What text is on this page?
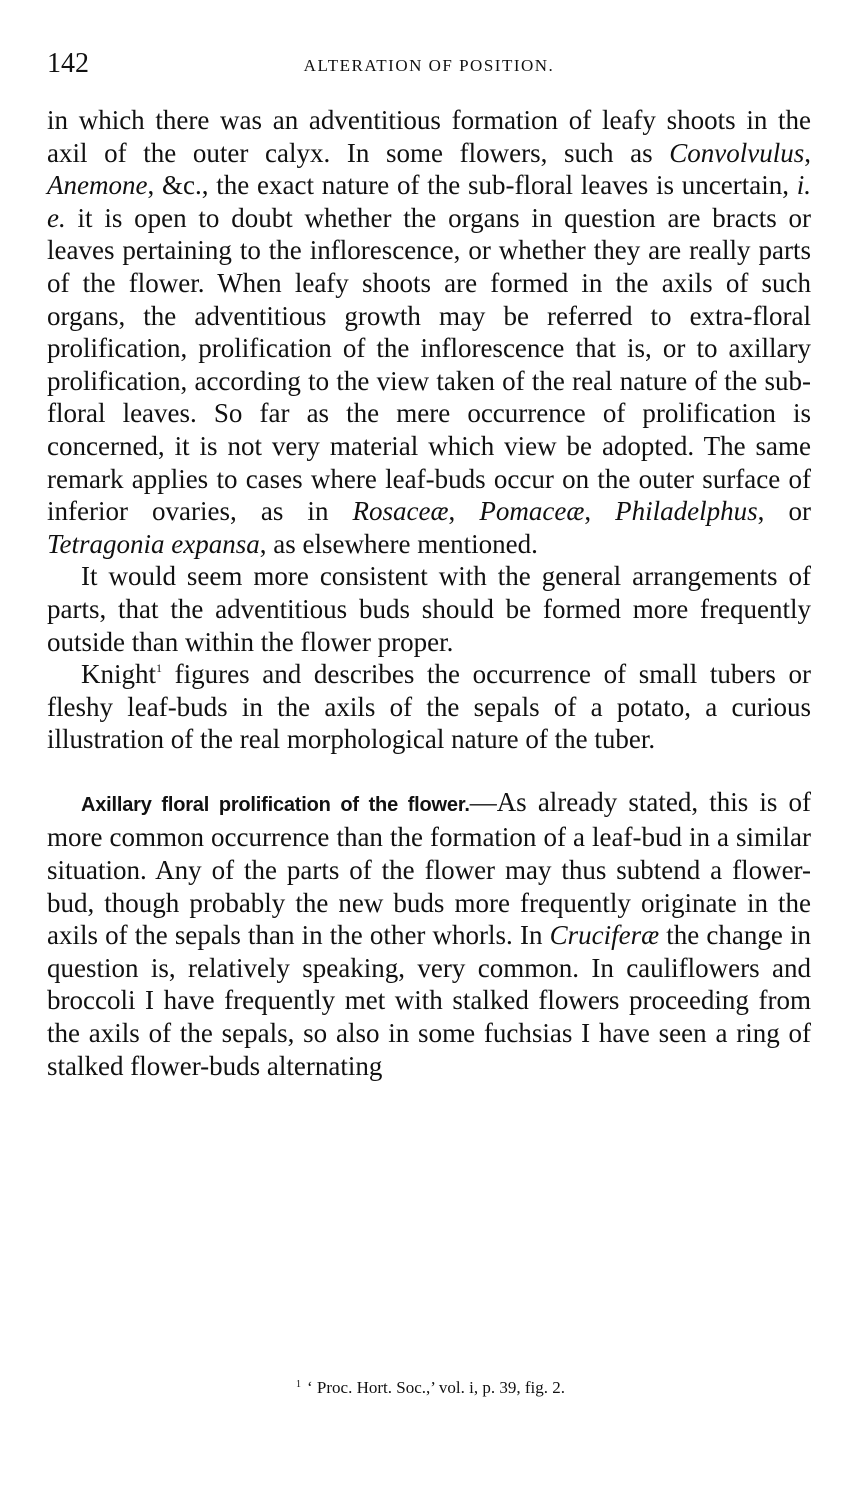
142	ALTERATION OF POSITION.

in which there was an adventitious formation of leafy shoots in the axil of the outer calyx. In some flowers, such as Convolvulus, Anemone, &c., the exact nature of the sub-floral leaves is uncertain, i. e. it is open to doubt whether the organs in question are bracts or leaves pertaining to the inflorescence, or whether they are really parts of the flower. When leafy shoots are formed in the axils of such organs, the adventitious growth may be referred to extra-floral prolification, prolification of the inflorescence that is, or to axillary prolification, according to the view taken of the real nature of the sub-floral leaves. So far as the mere occurrence of prolification is concerned, it is not very material which view be adopted. The same remark applies to cases where leaf-buds occur on the outer surface of inferior ovaries, as in Rosaceæ, Pomaceæ, Philadelphus, or Tetragonia expansa, as elsewhere mentioned.

It would seem more consistent with the general arrangements of parts, that the adventitious buds should be formed more frequently outside than within the flower proper.

Knight$^1$ figures and describes the occurrence of small tubers or fleshy leaf-buds in the axils of the sepals of a potato, a curious illustration of the real morphological nature of the tuber.

Axillary floral prolification of the flower.—As already stated, this is of more common occurrence than the formation of a leaf-bud in a similar situation. Any of the parts of the flower may thus subtend a flower-bud, though probably the new buds more frequently originate in the axils of the sepals than in the other whorls. In Cruciferæ the change in question is, relatively speaking, very common. In cauliflowers and broccoli I have frequently met with stalked flowers proceeding from the axils of the sepals, so also in some fuchsias I have seen a ring of stalked flower-buds alternating

$^1$ ‘ Proc. Hort. Soc.,’ vol. i, p. 39, fig. 2.
